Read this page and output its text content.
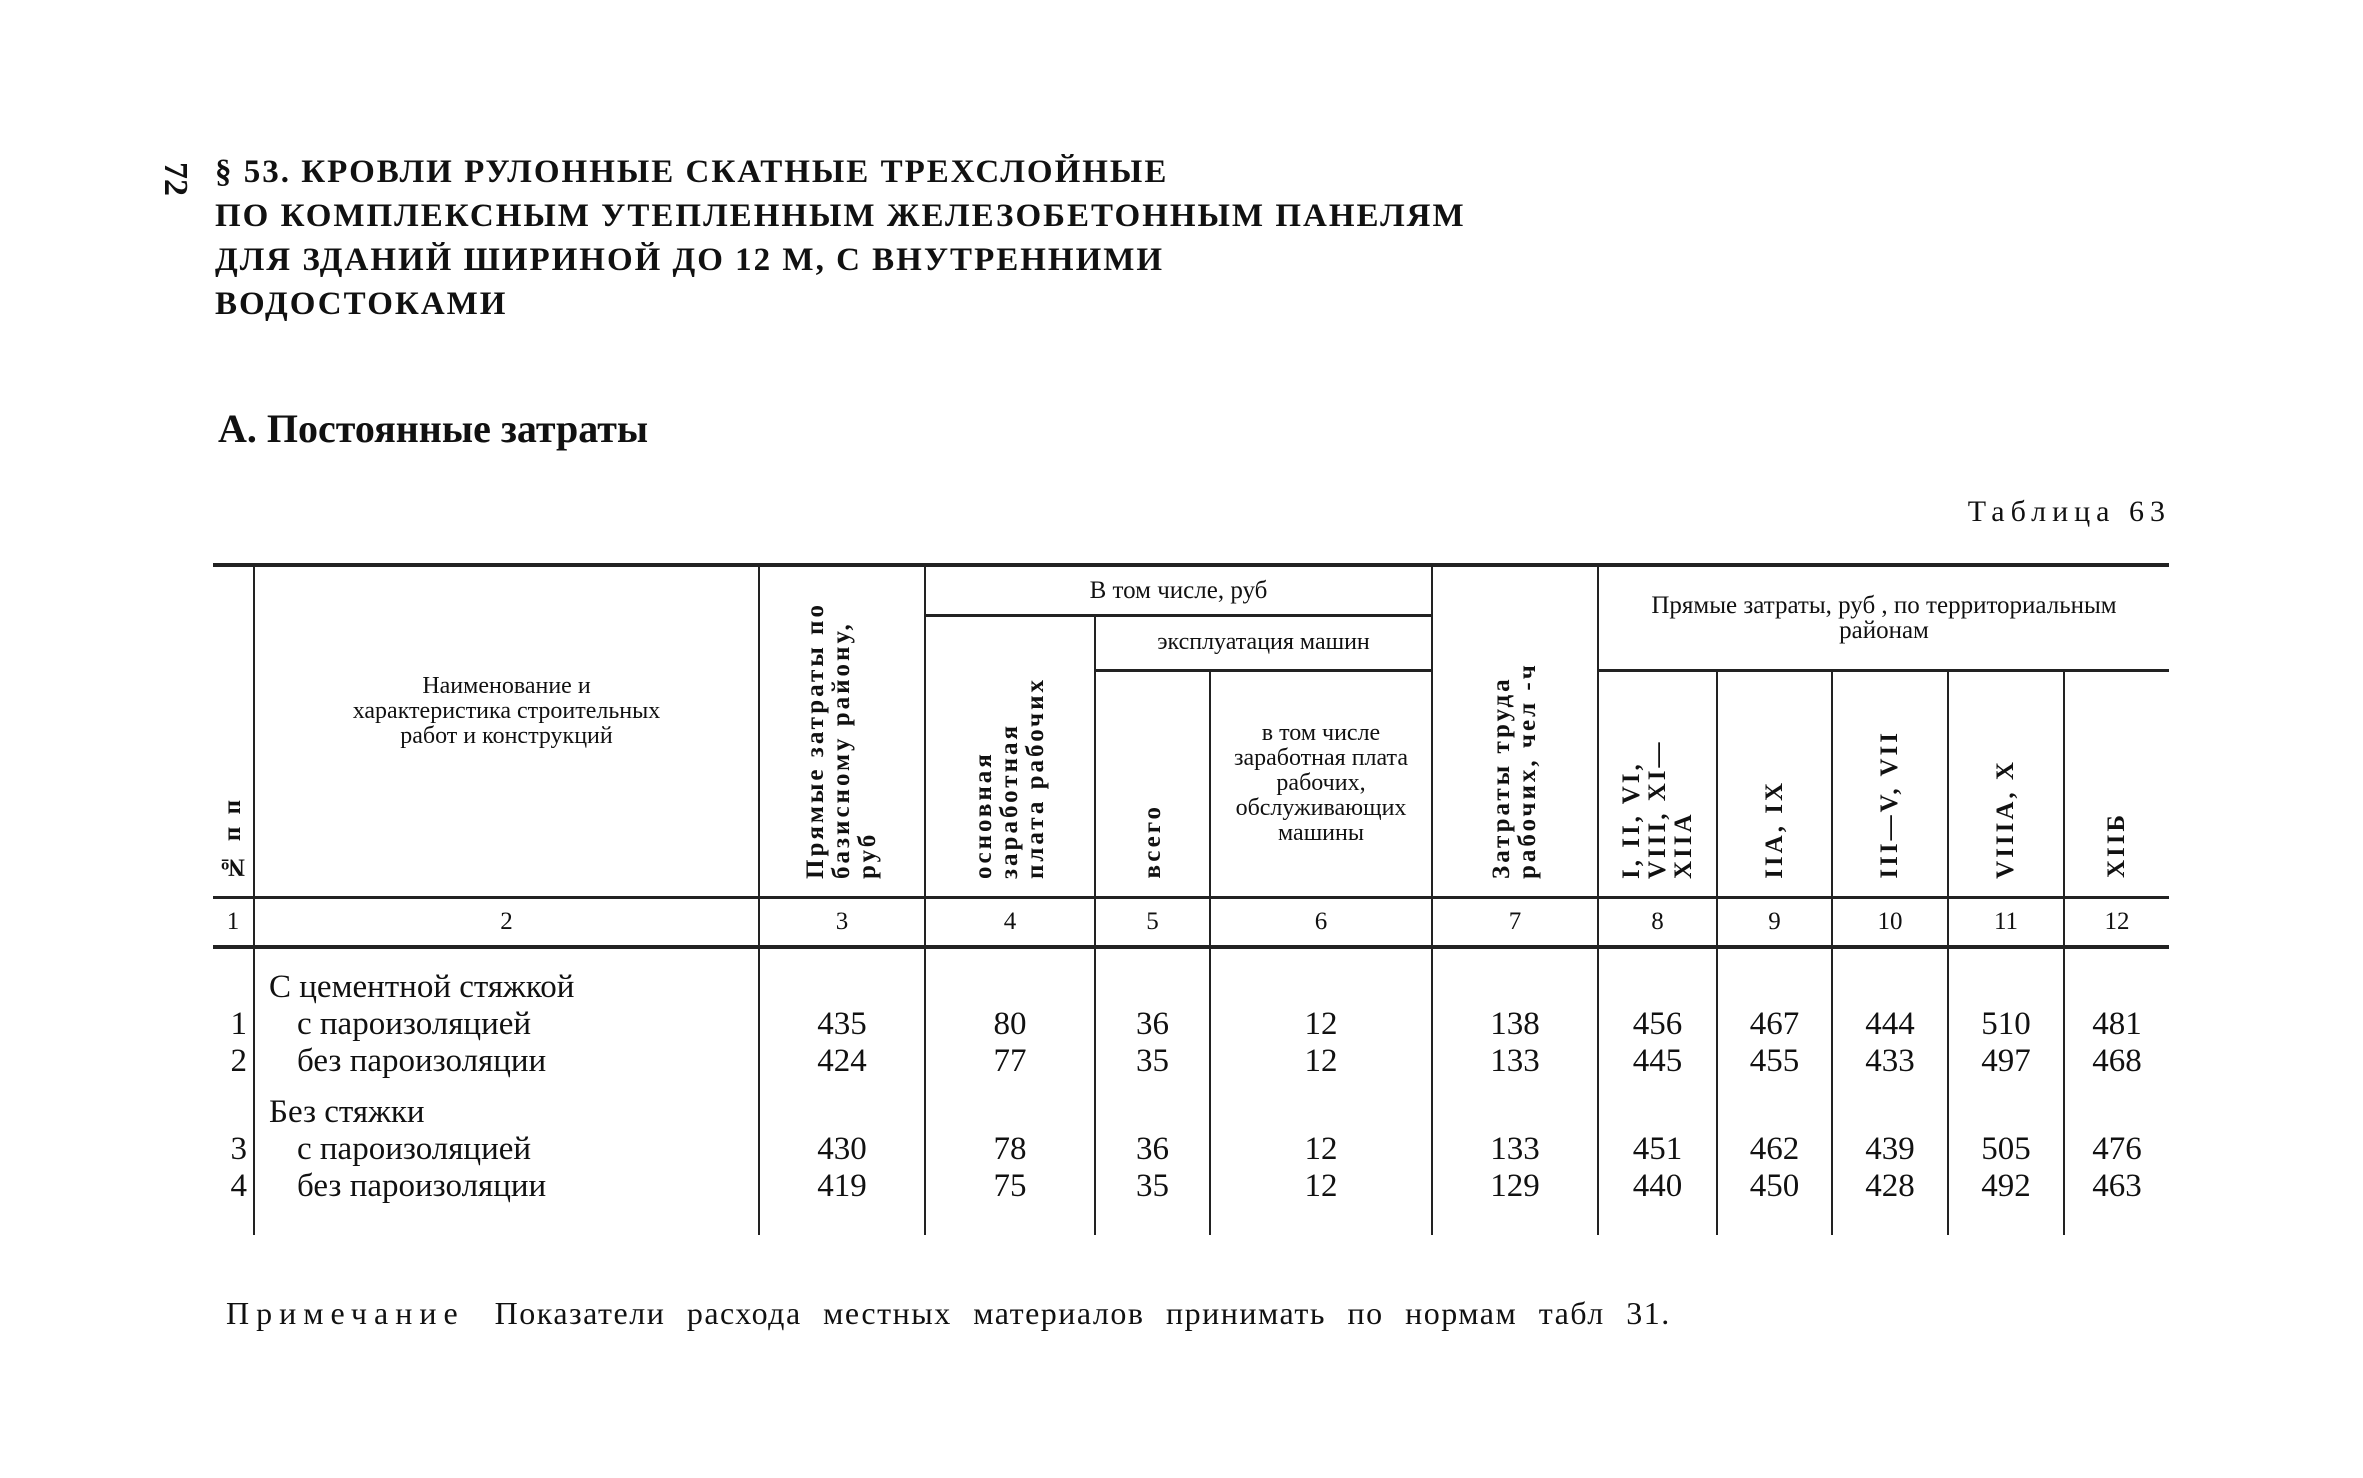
72 § 53. КРОВЛИ РУЛОННЫЕ СКАТНЫЕ ТРЕХСЛОЙНЫЕ
ПО КОМПЛЕКСНЫМ УТЕПЛЕННЫМ ЖЕЛЕЗОБЕТОННЫМ ПАНЕЛЯМ
ДЛЯ ЗДАНИЙ ШИРИНОЙ ДО 12 М, С ВНУТРЕННИМИ
ВОДОСТОКАМИ
А. Постоянные затраты
Таблица 63
№ п п	Наименование и характеристика строительных работ и конструкций	Прямые затраты по базисному району, руб	В том числе, руб			Затраты труда рабочих, чел -ч	Прямые затраты, руб , по территориальным районам				
			основная заработная плата рабочих	эксплуатация машин							
				всего	в том числе заработная плата рабочих, обслуживающих машины		I, II, VI, VIII, XI—XIIА	IIА, IX	III—V, VII	VIIIА, X	XIIБ
1	2	3	4	5	6	7	8	9	10	11	12

	С цементной стяжкой										
1	с пароизоляцией	435	80	36	12	138	456	467	444	510	481
2	без пароизоляции	424	77	35	12	133	445	455	433	497	468

	Без стяжки										
3	с пароизоляцией	430	78	36	12	133	451	462	439	505	476
4	без пароизоляции	419	75	35	12	129	440	450	428	492	463

Примечание Показатели расхода местных материалов принимать по нормам табл 31.
